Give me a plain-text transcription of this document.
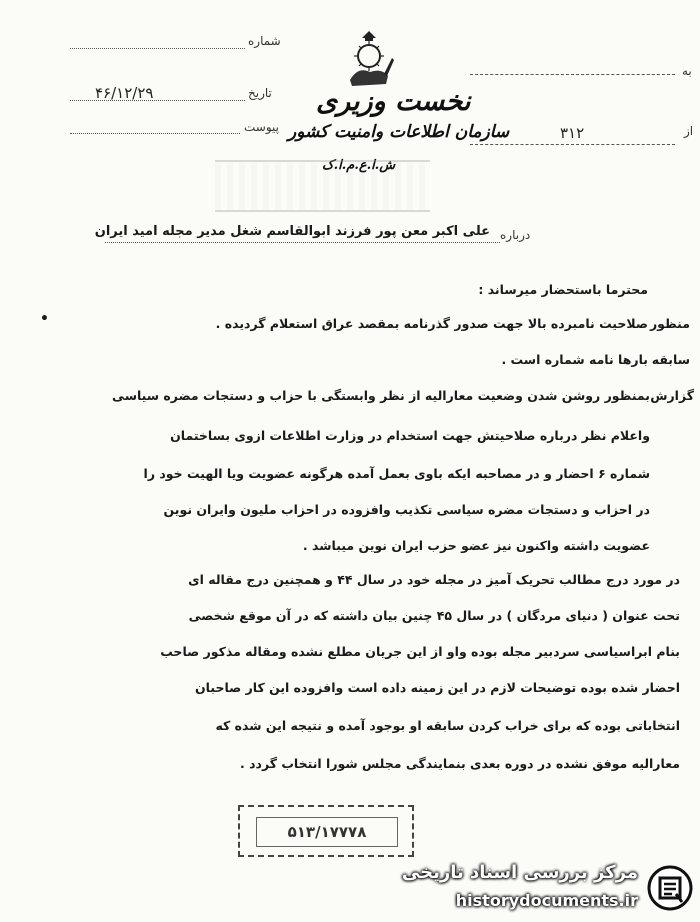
شماره
تاریخ
۴۶/۱۲/۲۹
پیوست
نخست وزیری
سازمان اطلاعات وامنیت کشور
ش.ا.ع.م.ا.ک
به
از
۳۱۲
درباره
علی اکبر معن پور فرزند ابوالقاسم شغل مدیر مجله امید ایران
محترما باستحضار میرساند :
منظور
صلاحیت نامبرده بالا جهت صدور گذرنامه بمقصد عراق استعلام گردیده .
•
سابقه
بارها نامه شماره است .
گزارش
بمنظور روشن شدن وضعیت معارالیه از نظر وابستگی با حزاب و دستجات مضره سیاسی
واعلام نظر درباره صلاحیتش جهت استخدام در وزارت اطلاعات ازوی بساختمان
شماره ۶ احضار و در مصاحبه ایکه باوی بعمل آمده هرگونه عضویت ویا الهیت خود را
در احزاب و دستجات مضره سیاسی تکذیب وافزوده در احزاب ملیون وایران نوین
عضویت داشته واکنون نیز عضو حزب ایران نوین میباشد .
در مورد درج مطالب تحریک آمیز در مجله خود در سال ۴۴ و همچنین درج مقاله ای
تحت عنوان ( دنیای مردگان ) در سال ۴۵ چنین بیان داشته که در آن موقع شخصی
بنام ابراسیاسی سردبیر مجله بوده واو از این جریان مطلع نشده ومقاله مذکور صاحب
احضار شده بوده توضیحات لازم در این زمینه داده است وافزوده این کار صاحبان
انتخاباتی بوده که برای خراب کردن سابقه او بوجود آمده و نتیجه این شده که
معارالیه موفق نشده در دوره بعدی بنمایندگی مجلس شورا انتخاب گردد .
۵۱۳/۱۷۷۷۸
مرکز بررسی اسناد تاریخی
historydocuments.ir
